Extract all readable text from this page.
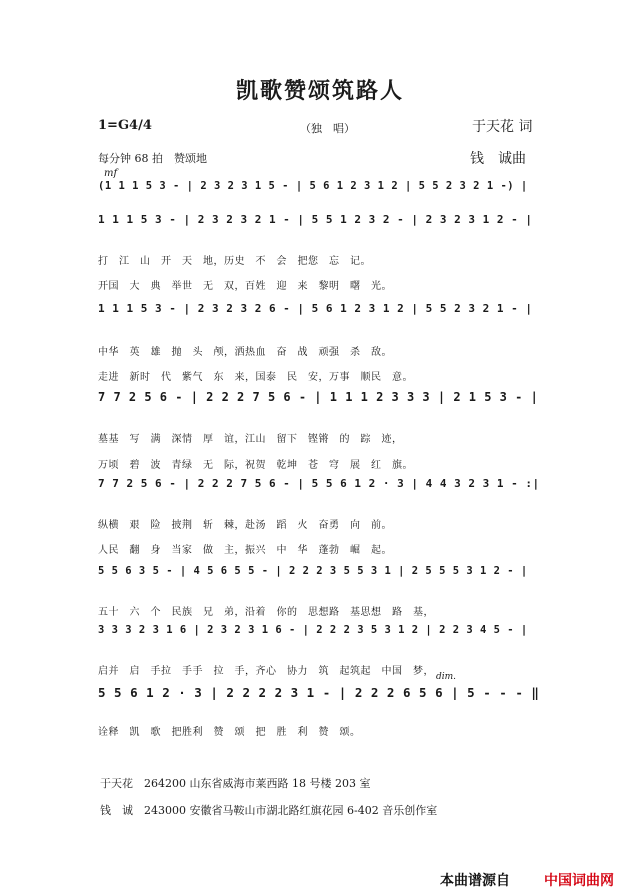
凯歌赞颂筑路人
1=G4/4	（独　唱）	于天花 词
每分钟 68 拍　赞颂地	钱　诚曲
mf
(1 1 1 5 3 - | 2 3 2 3 1 5 - | 5 6 1 2 3 1 2 | 5 5 2 3 2 1 -) |
1 1 1 5 3 - | 2 3 2 3 2 1 - | 5 5 1 2 3 2 - | 2 3 2 3 1 2 - |
打　江　山　开　天　地，历史　不　会　把您　忘　记。
开国　大　典　举世　无　双，百姓　迎　来　黎明　曙　光。
1 1 1 5 3 - | 2 3 2 3 2 6 - | 5 6 1 2 3 1 2 | 5 5 2 3 2 1 - |
中华　英　雄　抛　头　颅，洒热血　奋　战　顽强　杀　敌。
走进　新时　代　紫气　东　来，国泰　民　安，万事　顺民　意。
7 7 2 5 6 - | 2 2 2 7 5 6 - | 1 1 1 2 3 3 3 | 2 1 5 3 - |
墓基　写　满　深情　厚　谊，江山　留下　铿锵　的　踪　迹，
万顷　碧　波　青绿　无　际，祝贺　乾坤　苍　穹　展　红　旗。
7 7 2 5 6 - | 2 2 2 7 5 6 - | 5 5 6 1 2 · 3 | 4 4 3 2 3 1 - :|
纵横　艰　险　披荆　斩　棘，赴汤　蹈　火　奋勇　向　前。
人民　翻　身　当家　做　主，振兴　中　华　蓬勃　崛　起。
5 5 6 3 5 - | 4 5 6 5 5 - | 2 2 2 3 5 5 3 1 | 2 5 5 5 3 1 2 - |
五十　六　个　民族　兄　弟，沿着　你的　思想路　基思想　路　基，
3 3 3 2 3 1 6 | 2 3 2 3 1 6 - | 2 2 2 3 5 3 1 2 | 2 2 3 4 5 - |
启并　启　手拉　手手　拉　手，齐心　协力　筑　起筑起　中国　梦， dim.
5 5 6 1 2 · 3 | 2 2 2 2 3 1 - | 2 2 2 6 5 6 | 5 - - - ‖
诠释　凯　歌　把胜利　赞　颂　把　胜　利　赞　颂。
于天花　264200 山东省威海市莱西路 18 号楼 203 室
钱　诚　243000 安徽省马鞍山市湖北路红旗花园 6-402 音乐创作室
本曲谱源自 中国词曲网
